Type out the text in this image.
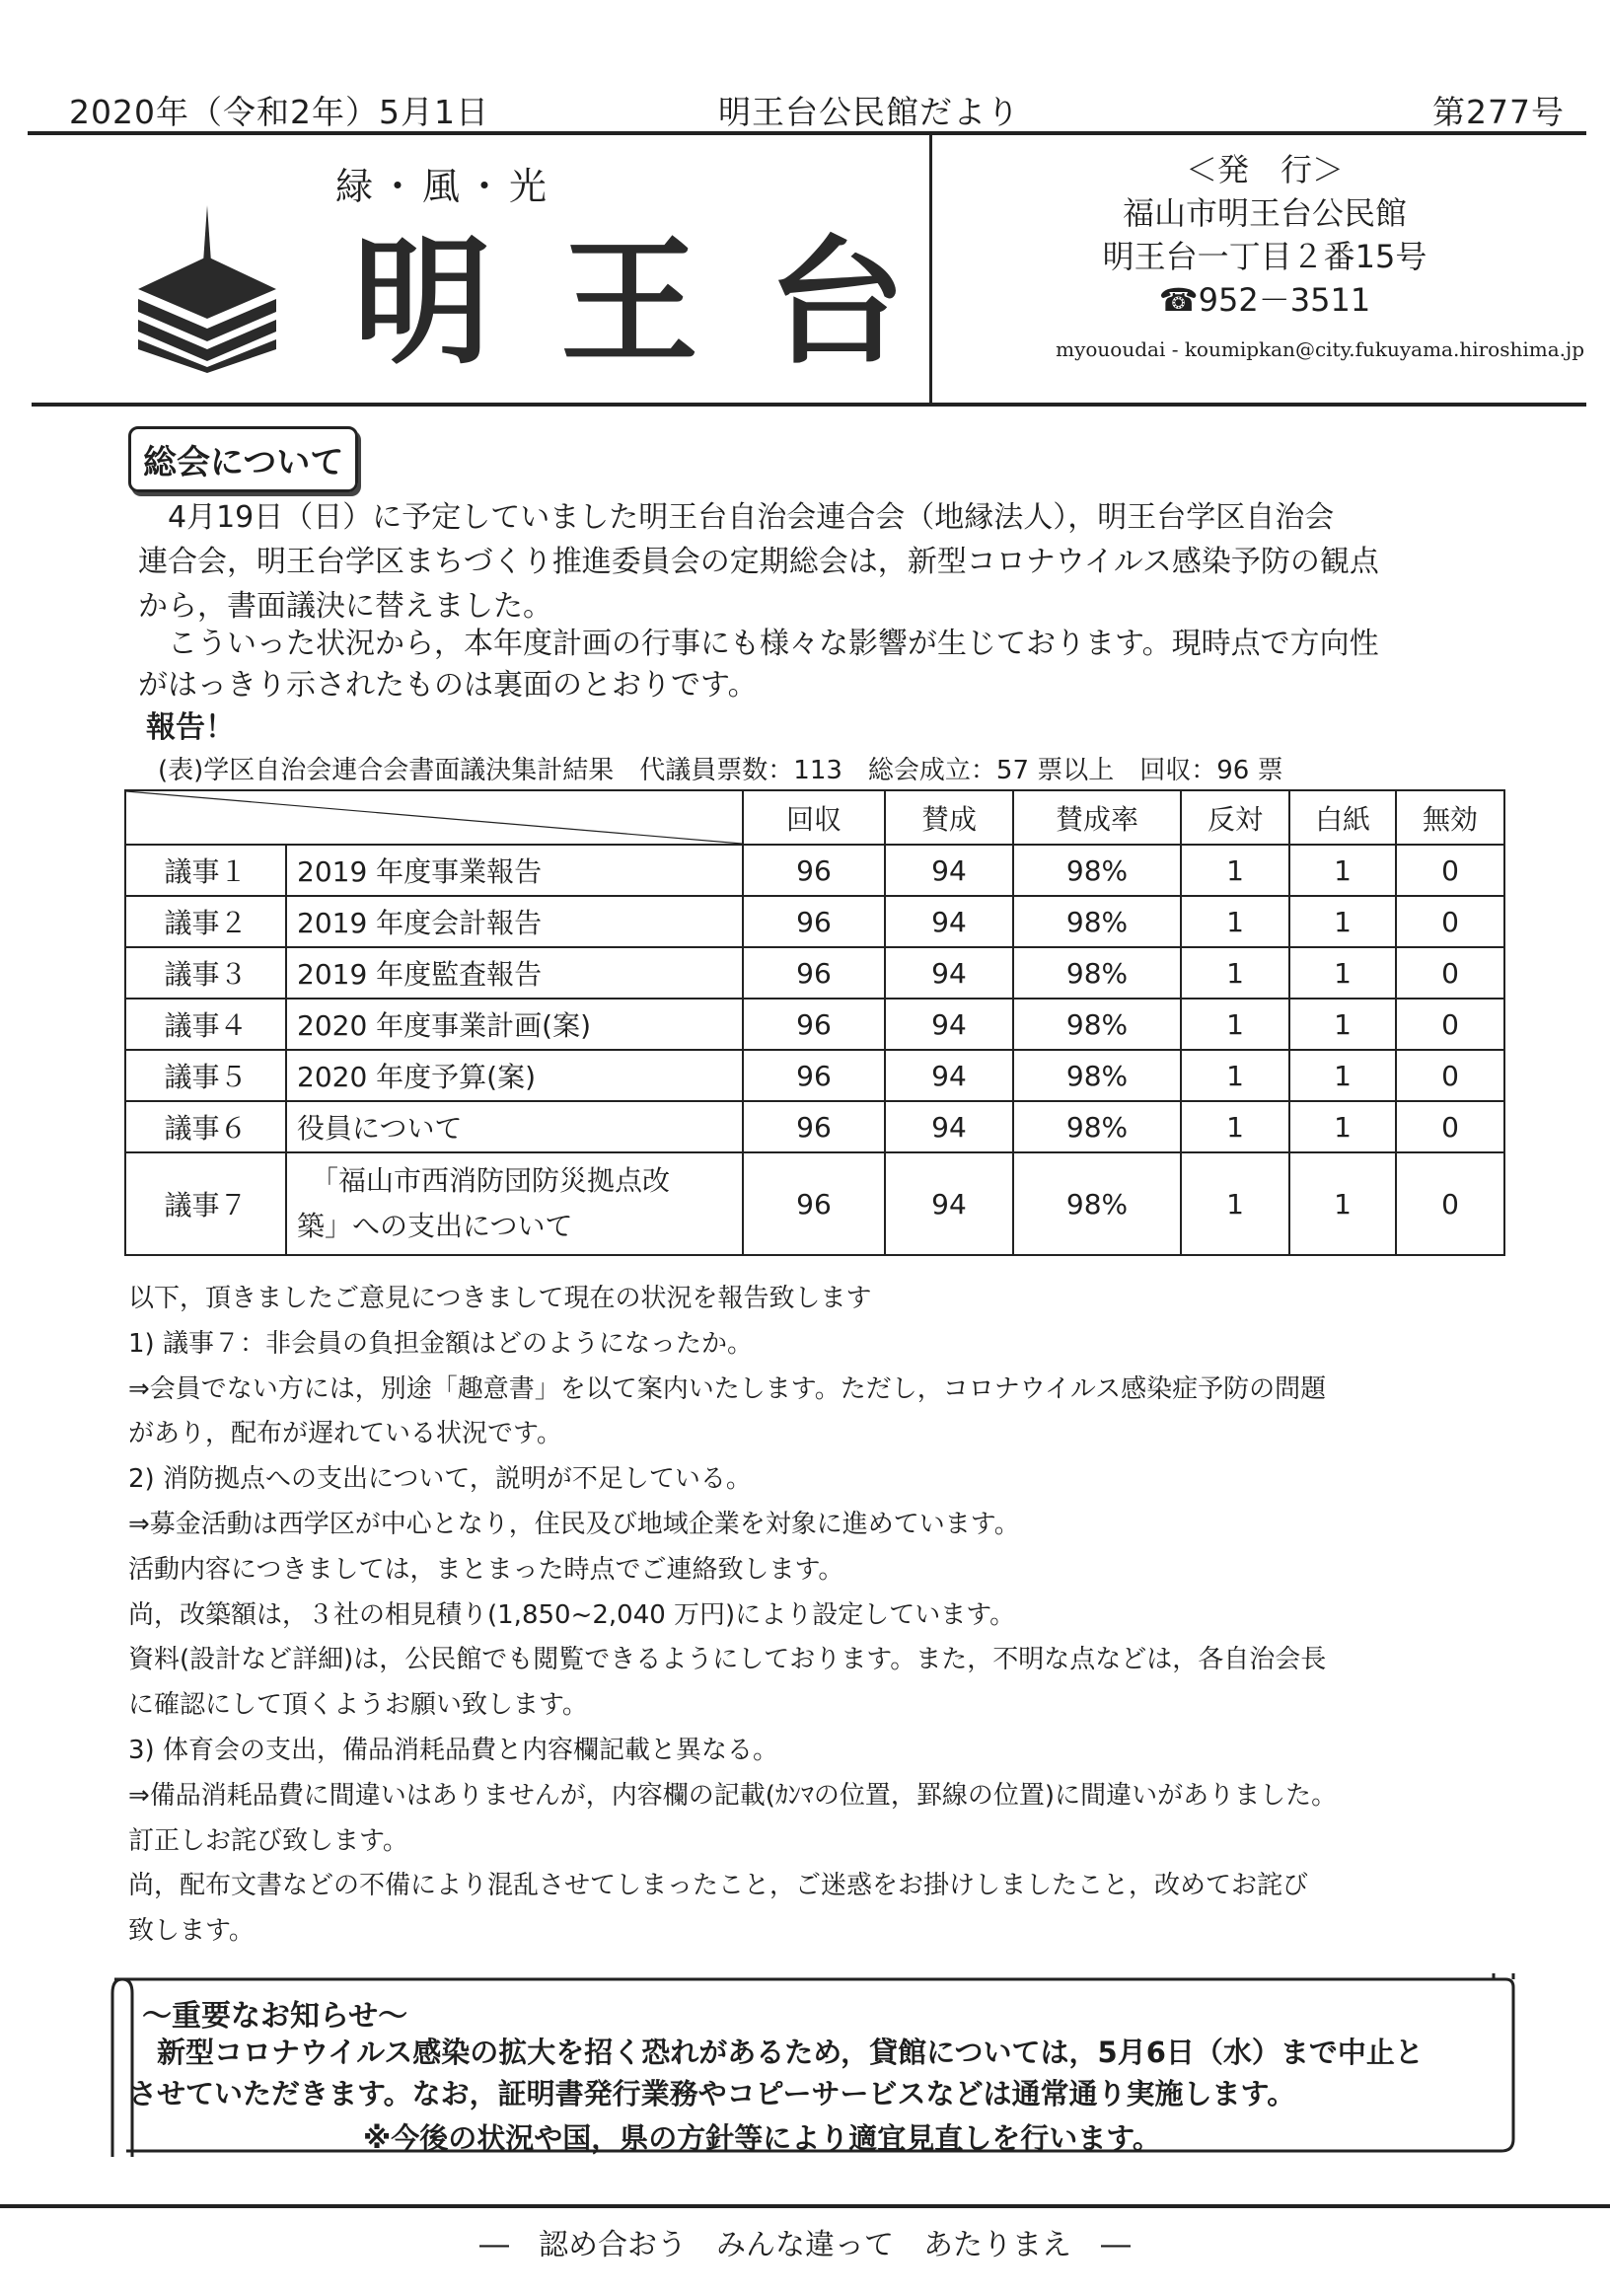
2020年（令和2年）5月1日	明王台公民館だより	第277号
緑・風・光
明王台
＜発　行＞
福山市明王台公民館
明王台一丁目２番15号
☎952－3511
myououdai - koumipkan@city.fukuyama.hiroshima.jp
総会について
　4月19日（日）に予定していました明王台自治会連合会（地縁法人），明王台学区自治会
連合会，明王台学区まちづくり推進委員会の定期総会は，新型コロナウイルス感染予防の観点
から，書面議決に替えました。
　こういった状況から，本年度計画の行事にも様々な影響が生じております。現時点で方向性
がはっきり示されたものは裏面のとおりです。
報告！
(表)学区自治会連合会書面議決集計結果　代議員票数：113　総会成立：57 票以上　回収：96 票
	回収	賛成	賛成率	反対	白紙	無効
議事１	2019 年度事業報告	96	94	98%	1	1	0
議事２	2019 年度会計報告	96	94	98%	1	1	0
議事３	2019 年度監査報告	96	94	98%	1	1	0
議事４	2020 年度事業計画(案)	96	94	98%	1	1	0
議事５	2020 年度予算(案)	96	94	98%	1	1	0
議事６	役員について	96	94	98%	1	1	0
議事７	「福山市西消防団防災拠点改
築」への支出について	96	94	98%	1	1	0
以下，頂きましたご意見につきまして現在の状況を報告致します
1) 議事７：非会員の負担金額はどのようになったか。
⇒会員でない方には，別途「趣意書」を以て案内いたします。ただし，コロナウイルス感染症予防の問題
があり，配布が遅れている状況です。
2) 消防拠点への支出について，説明が不足している。
⇒募金活動は西学区が中心となり，住民及び地域企業を対象に進めています。
活動内容につきましては，まとまった時点でご連絡致します。
尚，改築額は，３社の相見積り(1,850~2,040 万円)により設定しています。
資料(設計など詳細)は，公民館でも閲覧できるようにしております。また，不明な点などは，各自治会長
に確認にして頂くようお願い致します。
3) 体育会の支出，備品消耗品費と内容欄記載と異なる。
⇒備品消耗品費に間違いはありませんが，内容欄の記載(ｶﾝﾏの位置，罫線の位置)に間違いがありました。
訂正しお詫び致します。
尚，配布文書などの不備により混乱させてしまったこと，ご迷惑をお掛けしましたこと，改めてお詫び
致します。
～重要なお知らせ～
　新型コロナウイルス感染の拡大を招く恐れがあるため，貸館については，5月6日（水）まで中止と
させていただきます。なお，証明書発行業務やコピーサービスなどは通常通り実施します。
※今後の状況や国，県の方針等により適宜見直しを行います。
―　認め合おう　みんな違って　あたりまえ　―
